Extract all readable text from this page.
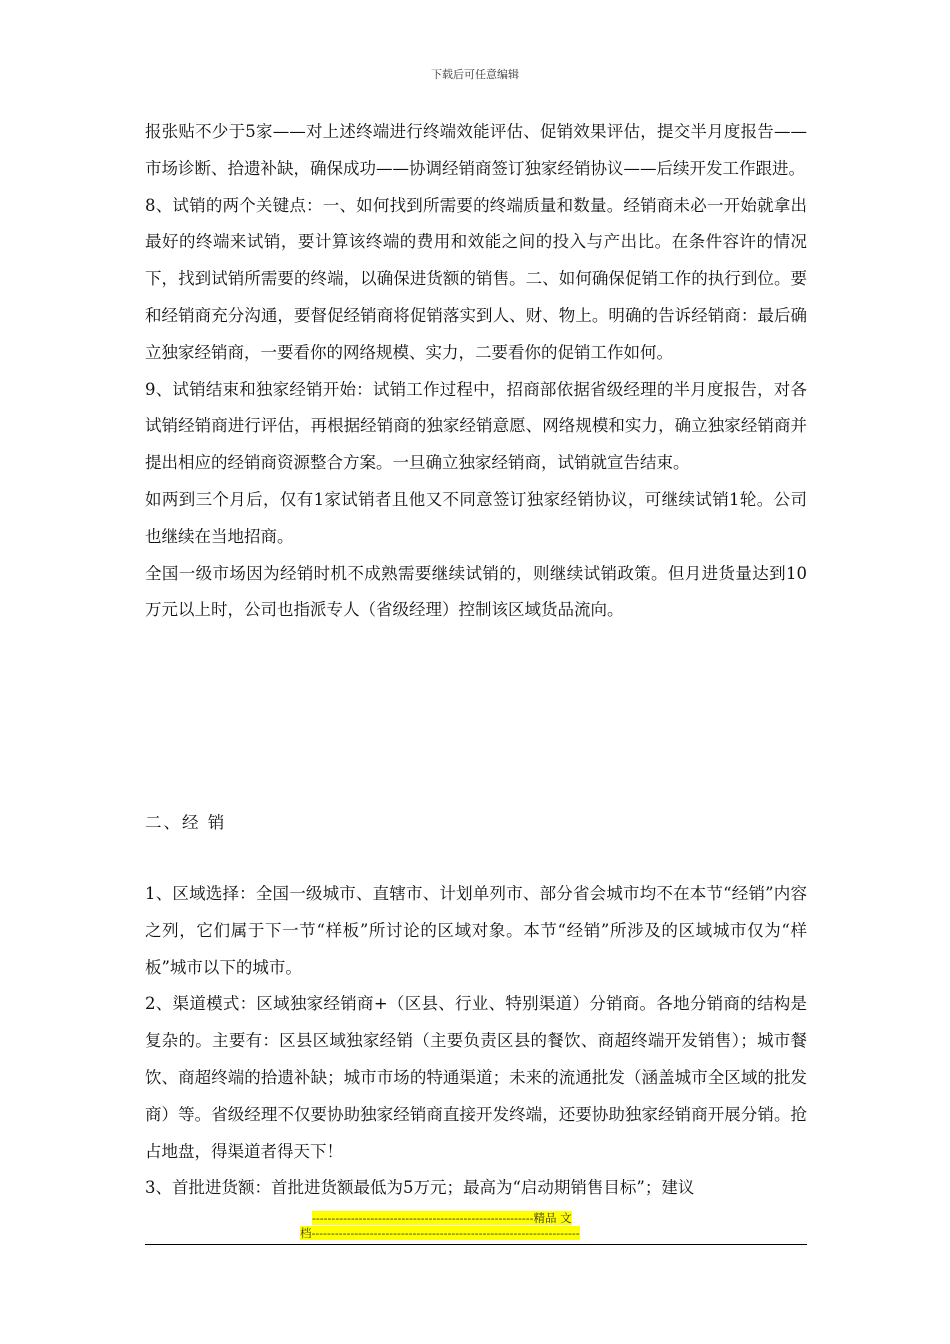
下载后可任意编辑

报张贴不少于5家——对上述终端进行终端效能评估、促销效果评估，提交半月度报告——市场诊断、拾遗补缺，确保成功——协调经销商签订独家经销协议——后续开发工作跟进。

8、试销的两个关键点：一、如何找到所需要的终端质量和数量。经销商未必一开始就拿出最好的终端来试销，要计算该终端的费用和效能之间的投入与产出比。在条件容许的情况下，找到试销所需要的终端，以确保进货额的销售。二、如何确保促销工作的执行到位。要和经销商充分沟通，要督促经销商将促销落实到人、财、物上。明确的告诉经销商：最后确立独家经销商，一要看你的网络规模、实力，二要看你的促销工作如何。

9、试销结束和独家经销开始：试销工作过程中，招商部依据省级经理的半月度报告，对各试销经销商进行评估，再根据经销商的独家经销意愿、网络规模和实力，确立独家经销商并提出相应的经销商资源整合方案。一旦确立独家经销商，试销就宣告结束。

如两到三个月后，仅有1家试销者且他又不同意签订独家经销协议，可继续试销1轮。公司也继续在当地招商。

全国一级市场因为经销时机不成熟需要继续试销的，则继续试销政策。但月进货量达到10万元以上时，公司也指派专人（省级经理）控制该区域货品流向。

二、经 销

1、区域选择：全国一级城市、直辖市、计划单列市、部分省会城市均不在本节“经销”内容之列，它们属于下一节“样板”所讨论的区域对象。本节“经销”所涉及的区域城市仅为“样板”城市以下的城市。

2、渠道模式：区域独家经销商+（区县、行业、特别渠道）分销商。各地分销商的结构是复杂的。主要有：区县区域独家经销（主要负责区县的餐饮、商超终端开发销售）；城市餐饮、商超终端的拾遗补缺；城市市场的特通渠道；未来的流通批发（涵盖城市全区域的批发商）等。省级经理不仅要协助独家经销商直接开发终端，还要协助独家经销商开展分销。抢占地盘，得渠道者得天下！

3、首批进货额：首批进货额最低为5万元；最高为“启动期销售目标”；建议

---------------------------------------------------------精品 文
档---------------------------------------------------------------------
